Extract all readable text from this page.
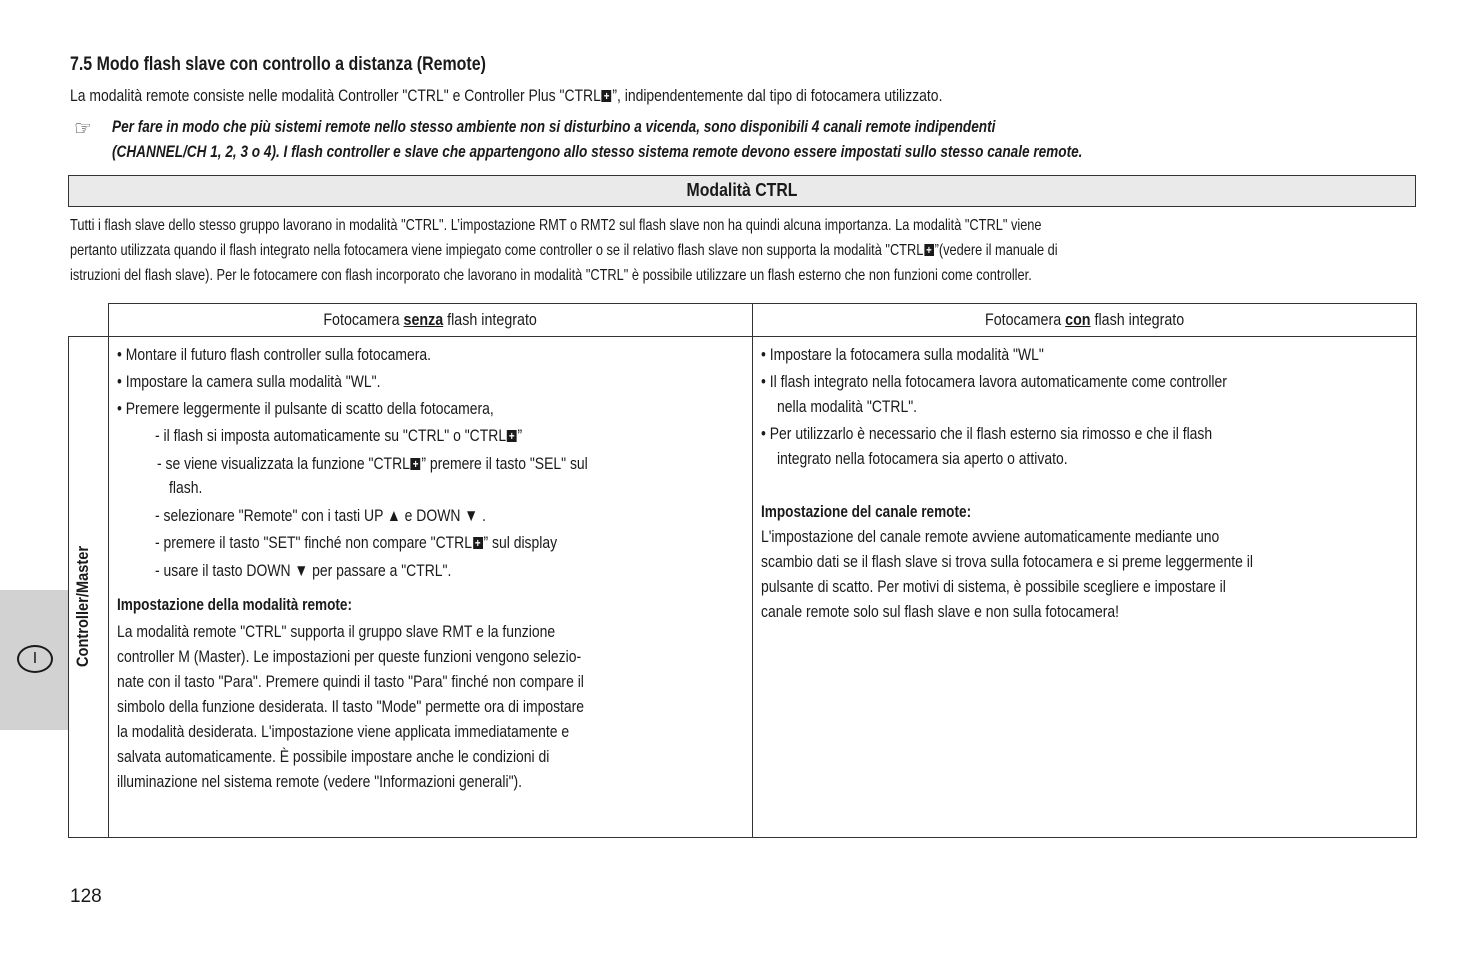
7.5 Modo flash slave con controllo a distanza (Remote)
La modalità remote consiste nelle modalità Controller "CTRL" e Controller Plus "CTRL + ”, indipendentemente dal tipo di fotocamera utilizzato.
☞ Per fare in modo che più sistemi remote nello stesso ambiente non si disturbino a vicenda, sono disponibili 4 canali remote indipendenti
(CHANNEL/CH 1, 2, 3 o 4). I flash controller e slave che appartengono allo stesso sistema remote devono essere impostati sullo stesso canale remote.
Modalità CTRL
Tutti i flash slave dello stesso gruppo lavorano in modalità "CTRL". L’impostazione RMT o RMT2 sul flash slave non ha quindi alcuna importanza. La modalità "CTRL" viene
pertanto utilizzata quando il flash integrato nella fotocamera viene impiegato come controller o se il relativo flash slave non supporta la modalità "CTRL + ”(vedere il manuale di
istruzioni del flash slave). Per le fotocamere con flash incorporato che lavorano in modalità "CTRL" è possibile utilizzare un flash esterno che non funzioni come controller.
Fotocamera senza flash integrato	Fotocamera con flash integrato
Controller/Master
• Montare il futuro flash controller sulla fotocamera.
• Impostare la camera sulla modalità "WL".
• Premere leggermente il pulsante di scatto della fotocamera,
- il flash si imposta automaticamente su "CTRL" o "CTRL + ”
- se viene visualizzata la funzione "CTRL + ” premere il tasto "SEL" sul
flash.
- selezionare "Remote" con i tasti UP ▲ e DOWN ▼ .
- premere il tasto "SET" finché non compare "CTRL + ” sul display
- usare il tasto DOWN ▼ per passare a "CTRL".
Impostazione della modalità remote:
La modalità remote "CTRL" supporta il gruppo slave RMT e la funzione
controller M (Master). Le impostazioni per queste funzioni vengono selezio-
nate con il tasto "Para". Premere quindi il tasto "Para" finché non compare il
simbolo della funzione desiderata. Il tasto "Mode" permette ora di impostare
la modalità desiderata. L'impostazione viene applicata immediatamente e
salvata automaticamente. È possibile impostare anche le condizioni di
illuminazione nel sistema remote (vedere "Informazioni generali").
• Impostare la fotocamera sulla modalità "WL"
• Il flash integrato nella fotocamera lavora automaticamente come controller
nella modalità "CTRL".
• Per utilizzarlo è necessario che il flash esterno sia rimosso e che il flash
integrato nella fotocamera sia aperto o attivato.
Impostazione del canale remote:
L'impostazione del canale remote avviene automaticamente mediante uno
scambio dati se il flash slave si trova sulla fotocamera e si preme leggermente il
pulsante di scatto. Per motivi di sistema, è possibile scegliere e impostare il
canale remote solo sul flash slave e non sulla fotocamera!
I
128
